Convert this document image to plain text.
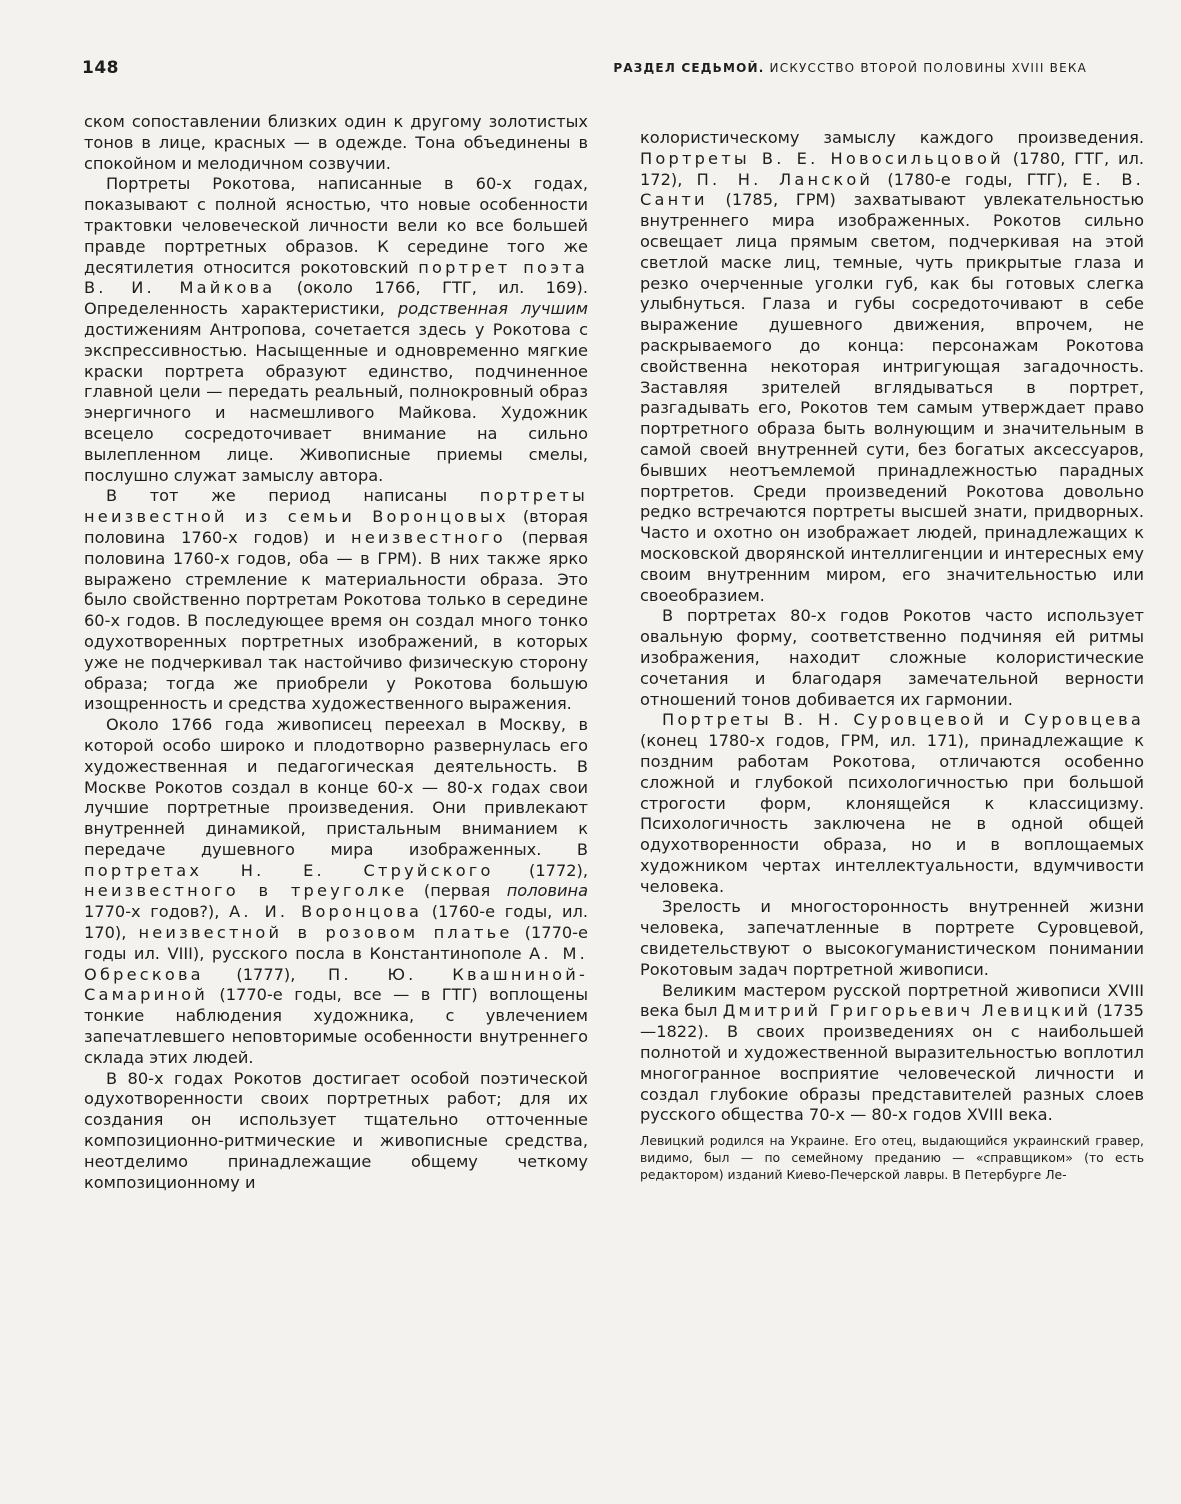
148	РАЗДЕЛ СЕДЬМОЙ. ИСКУССТВО ВТОРОЙ ПОЛОВИНЫ XVIII ВЕКА

ском сопоставлении близких один к другому золотистых тонов в лице, красных — в одежде. Тона объединены в спокойном и мелодичном созвучии.

Портреты Рокотова, написанные в 60-х годах, показывают с полной ясностью, что новые особенности трактовки человеческой личности вели ко все большей правде портретных образов. К середине того же десятилетия относится рокотовский портрет поэта В. И. Майкова (около 1766, ГТГ, ил. 169). Определенность характеристики, родственная лучшим достижениям Антропова, сочетается здесь у Рокотова с экспрессивностью. Насыщенные и одновременно мягкие краски портрета образуют единство, подчиненное главной цели — передать реальный, полнокровный образ энергичного и насмешливого Майкова. Художник всецело сосредоточивает внимание на сильно вылепленном лице. Живописные приемы смелы, послушно служат замыслу автора.

В тот же период написаны портреты неизвестной из семьи Воронцовых (вторая половина 1760-х годов) и неизвестного (первая половина 1760-х годов, оба — в ГРМ). В них также ярко выражено стремление к материальности образа. Это было свойственно портретам Рокотова только в середине 60-х годов. В последующее время он создал много тонко одухотворенных портретных изображений, в которых уже не подчеркивал так настойчиво физическую сторону образа; тогда же приобрели у Рокотова большую изощренность и средства художественного выражения.

Около 1766 года живописец переехал в Москву, в которой особо широко и плодотворно развернулась его художественная и педагогическая деятельность. В Москве Рокотов создал в конце 60-х — 80-х годах свои лучшие портретные произведения. Они привлекают внутренней динамикой, пристальным вниманием к передаче душевного мира изображенных. В портретах Н. Е. Струйского (1772), неизвестного в треуголке (первая половина 1770-х годов?), А. И. Воронцова (1760-е годы, ил. 170), неизвестной в розовом платье (1770-е годы ил. VIII), русского посла в Константинополе А. М. Обрескова (1777), П. Ю. Квашниной-Самариной (1770-е годы, все — в ГТГ) воплощены тонкие наблюдения художника, с увлечением запечатлевшего неповторимые особенности внутреннего склада этих людей.

В 80-х годах Рокотов достигает особой поэтической одухотворенности своих портретных работ; для их создания он использует тщательно отточенные композиционно-ритмические и живописные средства, неотделимо принадлежащие общему четкому композиционному и

колористическому замыслу каждого произведения. Портреты В. Е. Новосильцовой (1780, ГТГ, ил. 172), П. Н. Ланской (1780-е годы, ГТГ), Е. В. Санти (1785, ГРМ) захватывают увлекательностью внутреннего мира изображенных. Рокотов сильно освещает лица прямым светом, подчеркивая на этой светлой маске лиц, темные, чуть прикрытые глаза и резко очерченные уголки губ, как бы готовых слегка улыбнуться. Глаза и губы сосредоточивают в себе выражение душевного движения, впрочем, не раскрываемого до конца: персонажам Рокотова свойственна некоторая интригующая загадочность. Заставляя зрителей вглядываться в портрет, разгадывать его, Рокотов тем самым утверждает право портретного образа быть волнующим и значительным в самой своей внутренней сути, без богатых аксессуаров, бывших неотъемлемой принадлежностью парадных портретов. Среди произведений Рокотова довольно редко встречаются портреты высшей знати, придворных. Часто и охотно он изображает людей, принадлежащих к московской дворянской интеллигенции и интересных ему своим внутренним миром, его значительностью или своеобразием.

В портретах 80-х годов Рокотов часто использует овальную форму, соответственно подчиняя ей ритмы изображения, находит сложные колористические сочетания и благодаря замечательной верности отношений тонов добивается их гармонии.

Портреты В. Н. Суровцевой и Суровцева (конец 1780-х годов, ГРМ, ил. 171), принадлежащие к поздним работам Рокотова, отличаются особенно сложной и глубокой психологичностью при большой строгости форм, клонящейся к классицизму. Психологичность заключена не в одной общей одухотворенности образа, но и в воплощаемых художником чертах интеллектуальности, вдумчивости человека.

Зрелость и многосторонность внутренней жизни человека, запечатленные в портрете Суровцевой, свидетельствуют о высокогуманистическом понимании Рокотовым задач портретной живописи.

Великим мастером русской портретной живописи XVIII века был Дмитрий Григорьевич Левицкий (1735—1822). В своих произведениях он с наибольшей полнотой и художественной выразительностью воплотил многогранное восприятие человеческой личности и создал глубокие образы представителей разных слоев русского общества 70-х — 80-х годов XVIII века.

Левицкий родился на Украине. Его отец, выдающийся украинский гравер, видимо, был — по семейному преданию — «справщиком» (то есть редактором) изданий Киево-Печерской лавры. В Петербурге Ле-
